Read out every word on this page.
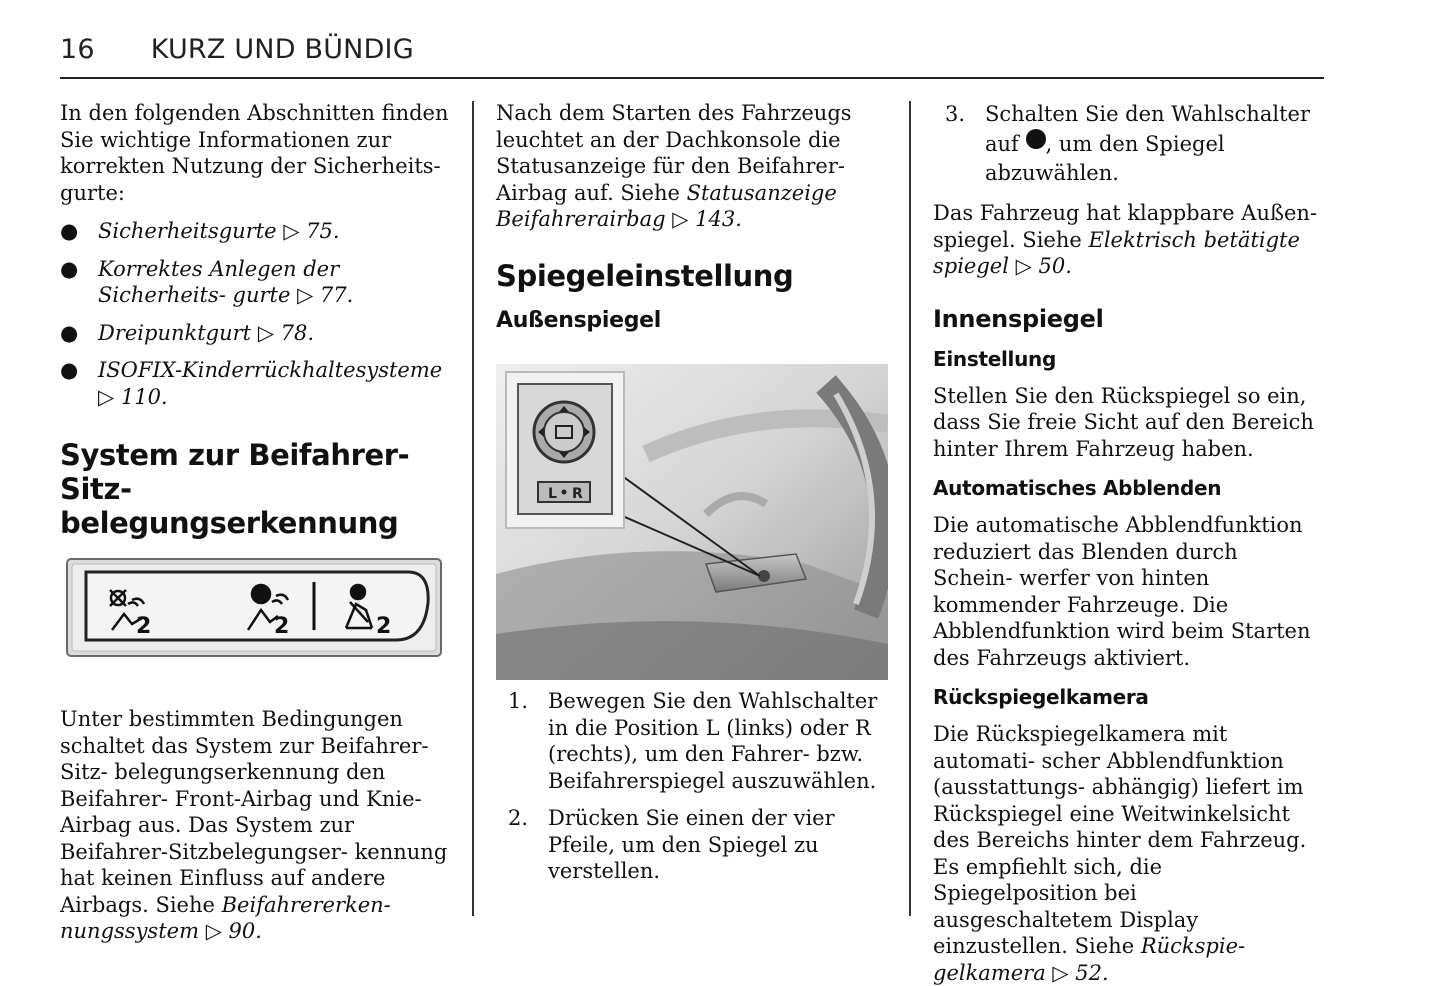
16 KURZ UND BÜNDIG

In den folgenden Abschnitten finden Sie wichtige Informationen zur korrekten Nutzung der Sicherheits- gurte:

● Sicherheitsgurte ▷ 75.

● Korrektes Anlegen der Sicherheits- gurte ▷ 77.

● Dreipunktgurt ▷ 78.

● ISOFIX-Kinderrückhaltesysteme ▷ 110.

System zur Beifahrer-Sitz-
belegungserkennung
2	2	2

Unter bestimmten Bedingungen schaltet das System zur Beifahrer-Sitz- belegungserkennung den Beifahrer- Front-Airbag und Knie-Airbag aus. Das System zur Beifahrer-Sitzbelegungser- kennung hat keinen Einfluss auf andere Airbags. Siehe Beifahrererken- nungssystem ▷ 90.

Nach dem Starten des Fahrzeugs leuchtet an der Dachkonsole die Statusanzeige für den Beifahrer-Airbag auf. Siehe Statusanzeige Beifahrerairbag ▷ 143.

Spiegeleinstellung
Außenspiegel
L R

1. Bewegen Sie den Wahlschalter in die Position L (links) oder R (rechts), um den Fahrer- bzw. Beifahrerspiegel auszuwählen.

2. Drücken Sie einen der vier Pfeile, um den Spiegel zu verstellen.

3. Schalten Sie den Wahlschalter auf , um den Spiegel abzuwählen.

Das Fahrzeug hat klappbare Außen- spiegel. Siehe Elektrisch betätigte spiegel ▷ 50.

Innenspiegel
Einstellung

Stellen Sie den Rückspiegel so ein, dass Sie freie Sicht auf den Bereich hinter Ihrem Fahrzeug haben.

Automatisches Abblenden

Die automatische Abblendfunktion reduziert das Blenden durch Schein- werfer von hinten kommender Fahrzeuge. Die Abblendfunktion wird beim Starten des Fahrzeugs aktiviert.

Rückspiegelkamera

Die Rückspiegelkamera mit automati- scher Abblendfunktion (ausstattungs- abhängig) liefert im Rückspiegel eine Weitwinkelsicht des Bereichs hinter dem Fahrzeug. Es empfiehlt sich, die Spiegelposition bei ausgeschaltetem Display einzustellen. Siehe Rückspie- gelkamera ▷ 52.
